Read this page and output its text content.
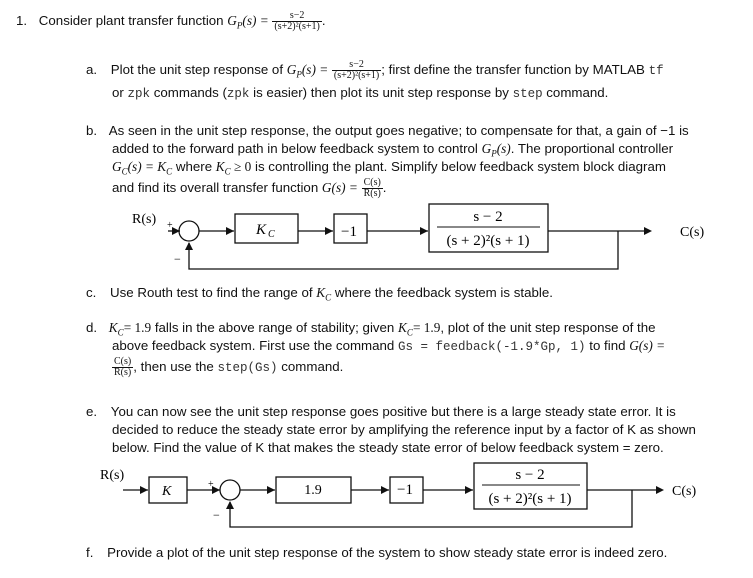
1. Consider plant transfer function $G_P(s) = \frac{s-2}{\text{(s+2)²(s+1)}}$ .
a. Plot the unit step response of $G_P(s) = \frac{s-2}{\text{(s+2)²(s+1)}}$ ; first define the transfer function by MATLAB tf
or zpk commands (zpk is easier) then plot its unit step response by step command.
b. As seen in the unit step response, the output goes negative; to compensate for that, a gain of −1 is
added to the forward path in below feedback system to control $G_P(s)$. The proportional controller
$G_C(s) = K_C$ where $K_C \ge 0$ is controlling the plant. Simplify below feedback system block diagram
and find its overall transfer function $G(s) = \frac{C(s)}{R(s)}$ .
R(s) +
−
K C	−1
s − 2
(s + 2)²(s + 1)
C(s)
c. Use Routh test to find the range of $K_C$ where the feedback system is stable.
d. $K_C= 1.9$ falls in the above range of stability; given $K_C= 1.9$, plot of the unit step response of the
above feedback system. First use the command Gs = feedback(-1.9*Gp, 1) to find G(s) =
$\frac{C(s)}{R(s)}$ , then use the step(Gs) command.
e. You can now see the unit step response goes positive but there is a large steady state error. It is
decided to reduce the steady state error by amplifying the reference input by a factor of K as shown
below. Find the value of K that makes the steady state error of below feedback system = zero.
R(s)
K	+
−
1.9	−1
s − 2
(s + 2)²(s + 1)	C(s)
f. Provide a plot of the unit step response of the system to show steady state error is indeed zero.
